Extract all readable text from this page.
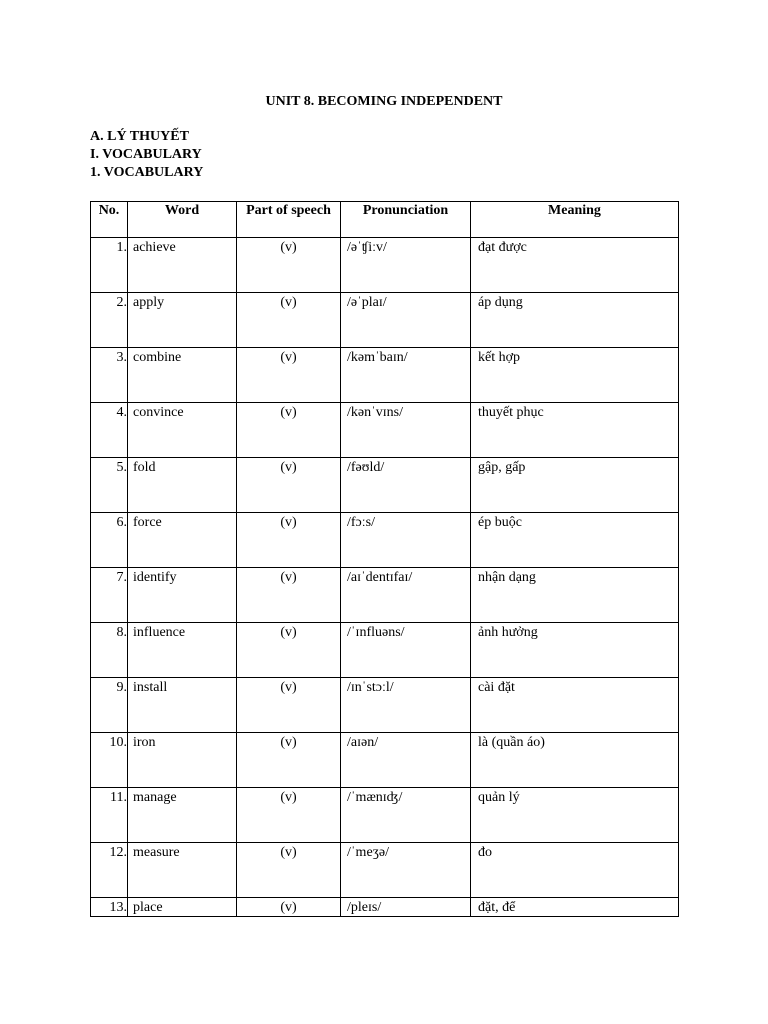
UNIT 8. BECOMING INDEPENDENT
A. LÝ THUYẾT
I. VOCABULARY
1. VOCABULARY
No.	Word	Part of speech	Pronunciation	Meaning
1.	achieve	(v)	/əˈʧiːv/	đạt được
2.	apply	(v)	/əˈplaɪ/	áp dụng
3.	combine	(v)	/kəmˈbaɪn/	kết hợp
4.	convince	(v)	/kənˈvɪns/	thuyết phục
5.	fold	(v)	/fəʊld/	gập, gấp
6.	force	(v)	/fɔːs/	ép buộc
7.	identify	(v)	/aɪˈdentɪfaɪ/	nhận dạng
8.	influence	(v)	/ˈɪnfluəns/	ảnh hưởng
9.	install	(v)	/ɪnˈstɔːl/	cài đặt
10.	iron	(v)	/aɪən/	là (quần áo)
11.	manage	(v)	/ˈmænɪʤ/	quản lý
12.	measure	(v)	/ˈmeʒə/	đo
13.	place	(v)	/pleɪs/	đặt, để
